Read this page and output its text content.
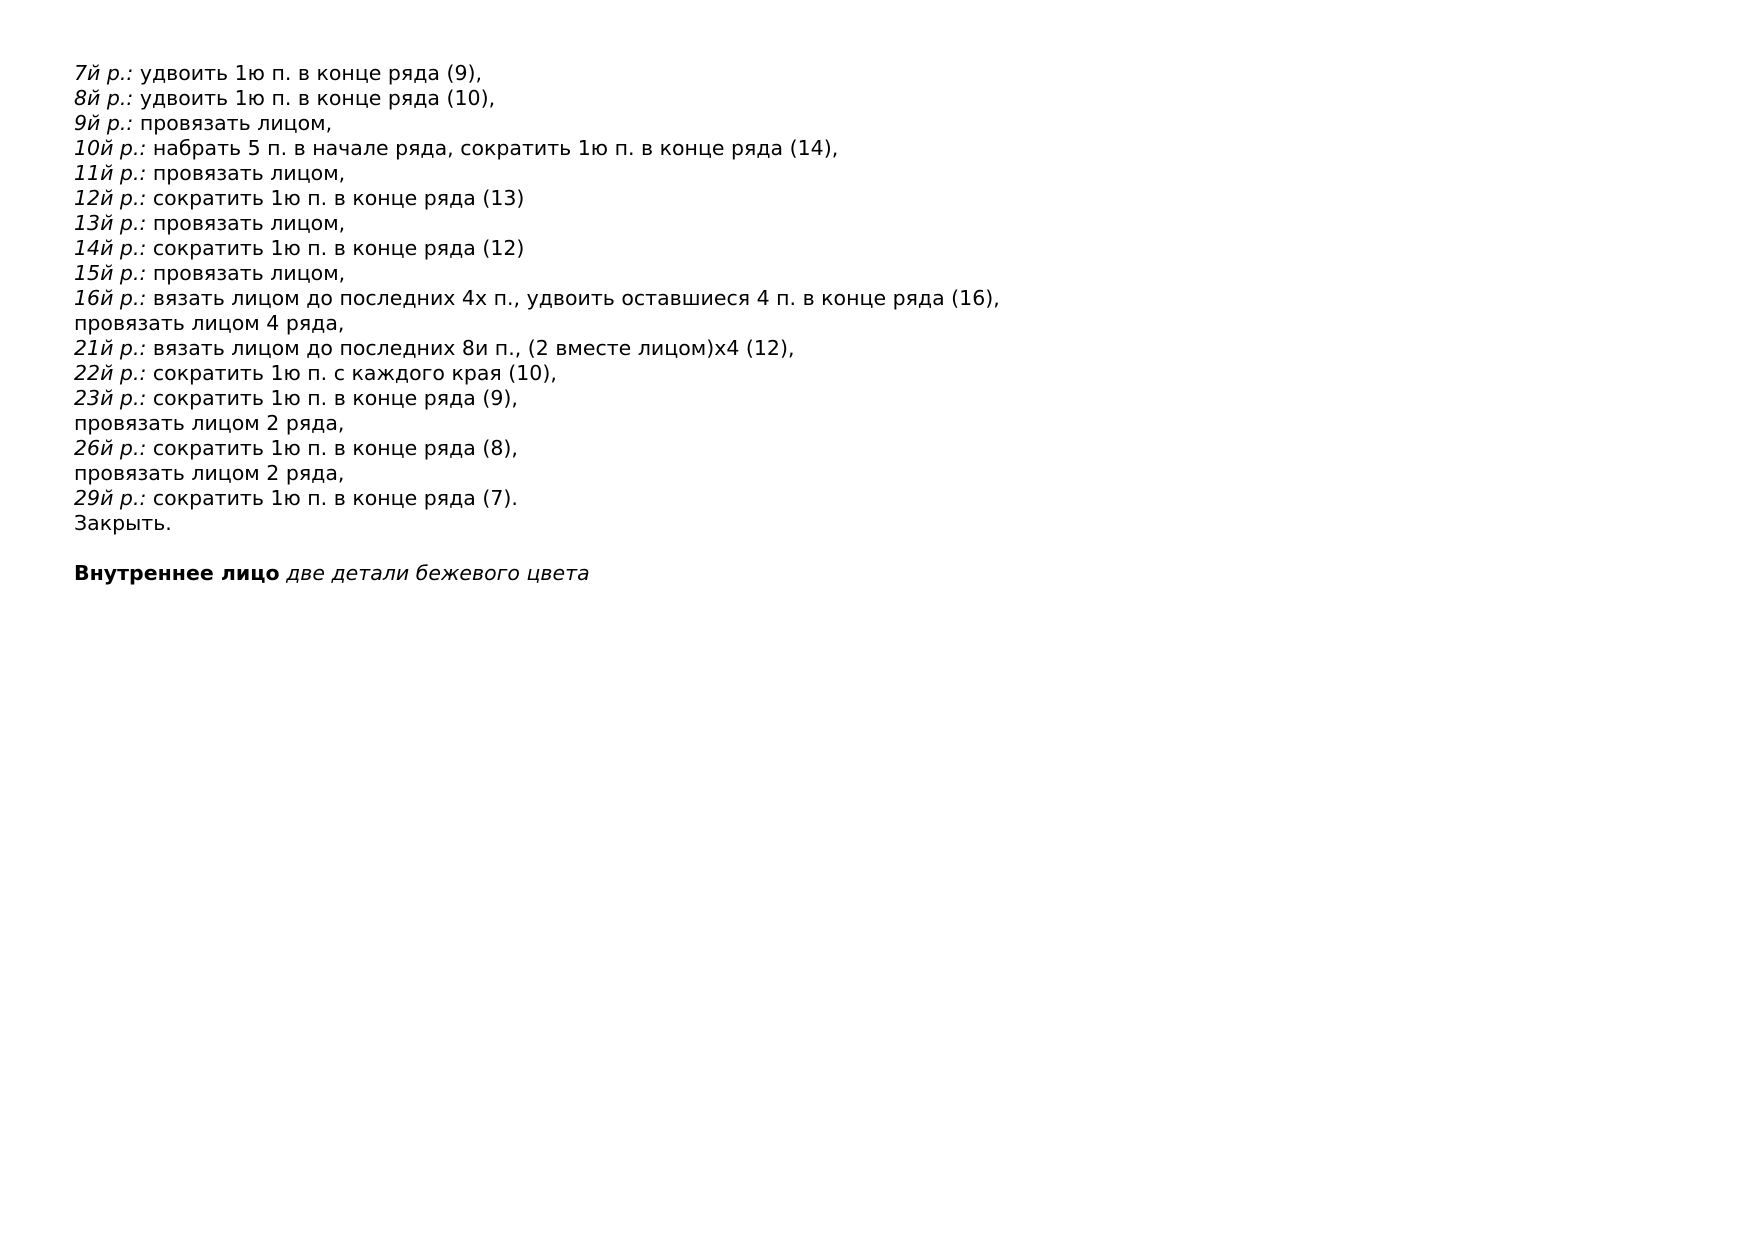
7й р.: удвоить 1ю п. в конце ряда (9),
8й р.: удвоить 1ю п. в конце ряда (10),
9й р.: провязать лицом,
10й р.: набрать 5 п. в начале ряда, сократить 1ю п. в конце ряда (14),
11й р.: провязать лицом,
12й р.: сократить 1ю п. в конце ряда (13)
13й р.: провязать лицом,
14й р.: сократить 1ю п. в конце ряда (12)
15й р.: провязать лицом,
16й р.: вязать лицом до последних 4х п., удвоить оставшиеся 4 п. в конце ряда (16),
провязать лицом 4 ряда,
21й р.: вязать лицом до последних 8и п., (2 вместе лицом)х4 (12),
22й р.: сократить 1ю п. с каждого края (10),
23й р.: сократить 1ю п. в конце ряда (9),
провязать лицом 2 ряда,
26й р.: сократить 1ю п. в конце ряда (8),
провязать лицом 2 ряда,
29й р.: сократить 1ю п. в конце ряда (7).
Закрыть.
Внутреннее лицо две детали бежевого цвета
